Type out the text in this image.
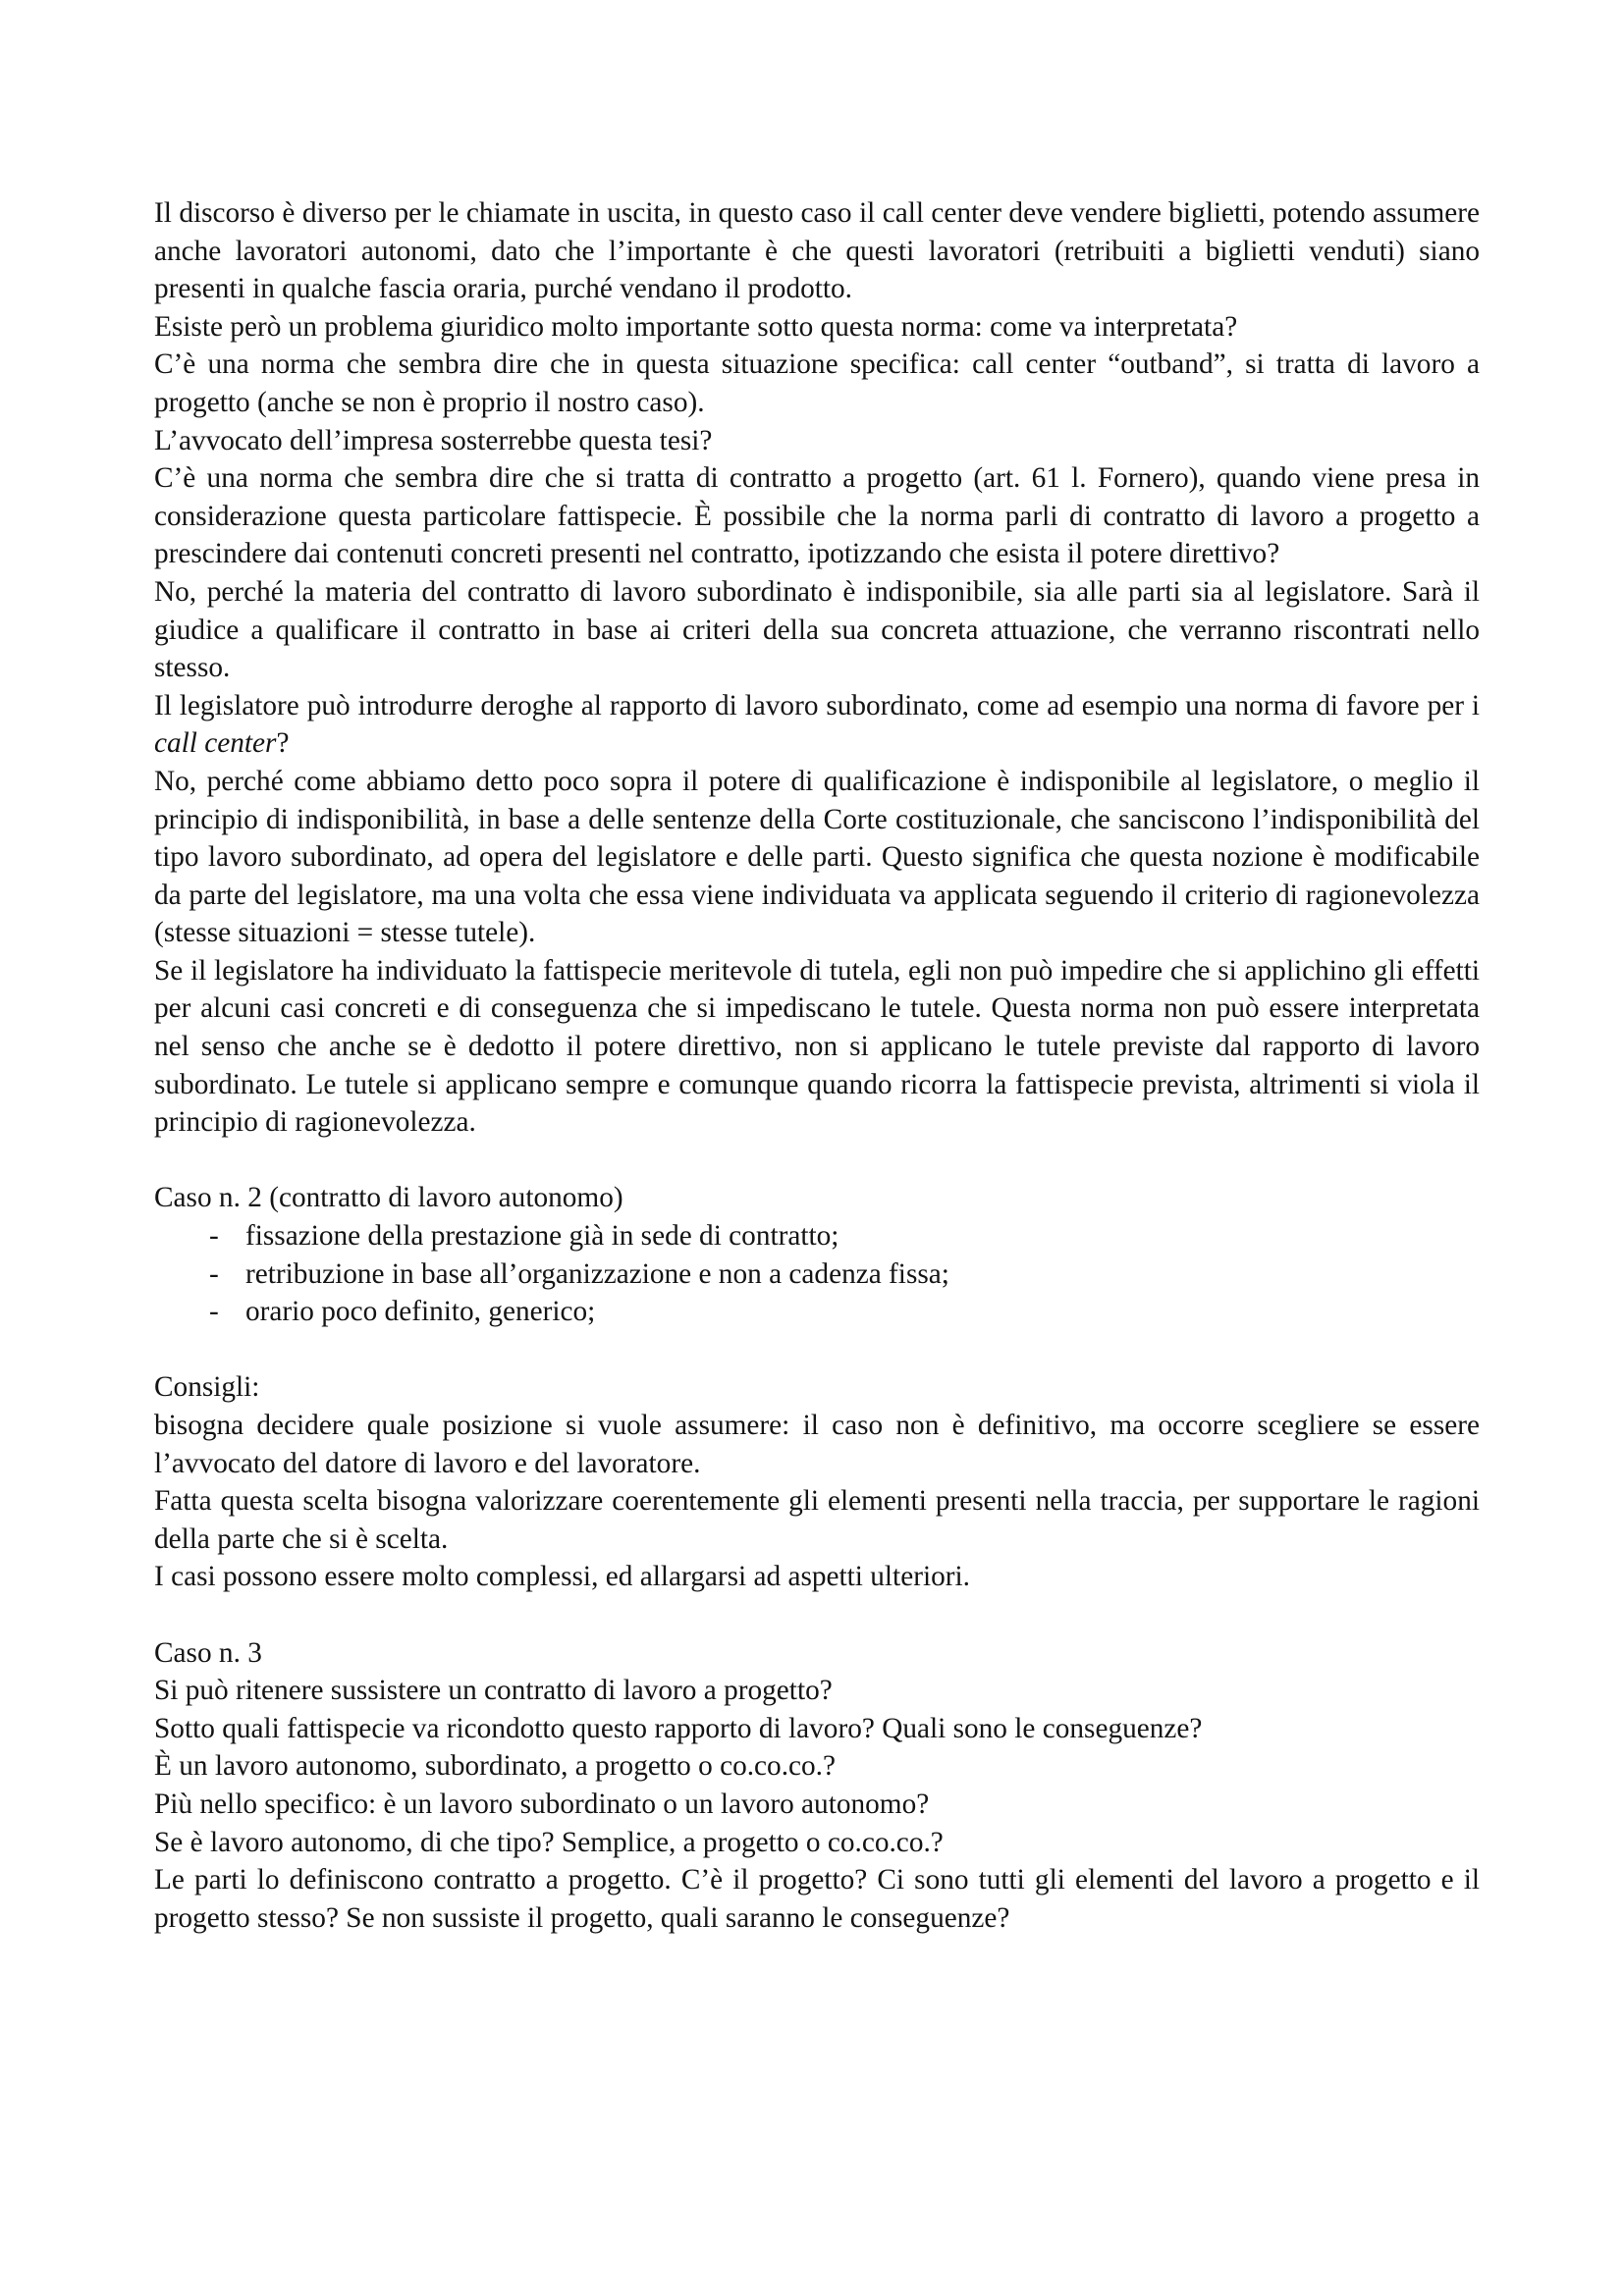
Il discorso è diverso per le chiamate in uscita, in questo caso il call center deve vendere biglietti, potendo assumere anche lavoratori autonomi, dato che l’importante è che questi lavoratori (retribuiti a biglietti venduti) siano presenti in qualche fascia oraria, purché vendano il prodotto.

Esiste però un problema giuridico molto importante sotto questa norma: come va interpretata?

C’è una norma che sembra dire che in questa situazione specifica: call center “outband”, si tratta di lavoro a progetto (anche se non è proprio il nostro caso).

L’avvocato dell’impresa sosterrebbe questa tesi?

C’è una norma che sembra dire che si tratta di contratto a progetto (art. 61 l. Fornero), quando viene presa in considerazione questa particolare fattispecie. È possibile che la norma parli di contratto di lavoro a progetto a prescindere dai contenuti concreti presenti nel contratto, ipotizzando che esista il potere direttivo?

No, perché la materia del contratto di lavoro subordinato è indisponibile, sia alle parti sia al legislatore. Sarà il giudice a qualificare il contratto in base ai criteri della sua concreta attuazione, che verranno riscontrati nello stesso.

Il legislatore può introdurre deroghe al rapporto di lavoro subordinato, come ad esempio una norma di favore per i call center?

No, perché come abbiamo detto poco sopra il potere di qualificazione è indisponibile al legislatore, o meglio il principio di indisponibilità, in base a delle sentenze della Corte costituzionale, che sanciscono l’indisponibilità del tipo lavoro subordinato, ad opera del legislatore e delle parti. Questo significa che questa nozione è modificabile da parte del legislatore, ma una volta che essa viene individuata va applicata seguendo il criterio di ragionevolezza (stesse situazioni = stesse tutele).

Se il legislatore ha individuato la fattispecie meritevole di tutela, egli non può impedire che si applichino gli effetti per alcuni casi concreti e di conseguenza che si impediscano le tutele. Questa norma non può essere interpretata nel senso che anche se è dedotto il potere direttivo, non si applicano le tutele previste dal rapporto di lavoro subordinato. Le tutele si applicano sempre e comunque quando ricorra la fattispecie prevista, altrimenti si viola il principio di ragionevolezza.

Caso n. 2 (contratto di lavoro autonomo)

- fissazione della prestazione già in sede di contratto;
- retribuzione in base all’organizzazione e non a cadenza fissa;
- orario poco definito, generico;

Consigli:

bisogna decidere quale posizione si vuole assumere: il caso non è definitivo, ma occorre scegliere se essere l’avvocato del datore di lavoro e del lavoratore.

Fatta questa scelta bisogna valorizzare coerentemente gli elementi presenti nella traccia, per supportare le ragioni della parte che si è scelta.

I casi possono essere molto complessi, ed allargarsi ad aspetti ulteriori.

Caso n. 3

Si può ritenere sussistere un contratto di lavoro a progetto?

Sotto quali fattispecie va ricondotto questo rapporto di lavoro? Quali sono le conseguenze?

È un lavoro autonomo, subordinato, a progetto o co.co.co.?

Più nello specifico: è un lavoro subordinato o un lavoro autonomo?

Se è lavoro autonomo, di che tipo? Semplice, a progetto o co.co.co.?

Le parti lo definiscono contratto a progetto. C’è il progetto? Ci sono tutti gli elementi del lavoro a progetto e il progetto stesso? Se non sussiste il progetto, quali saranno le conseguenze?
